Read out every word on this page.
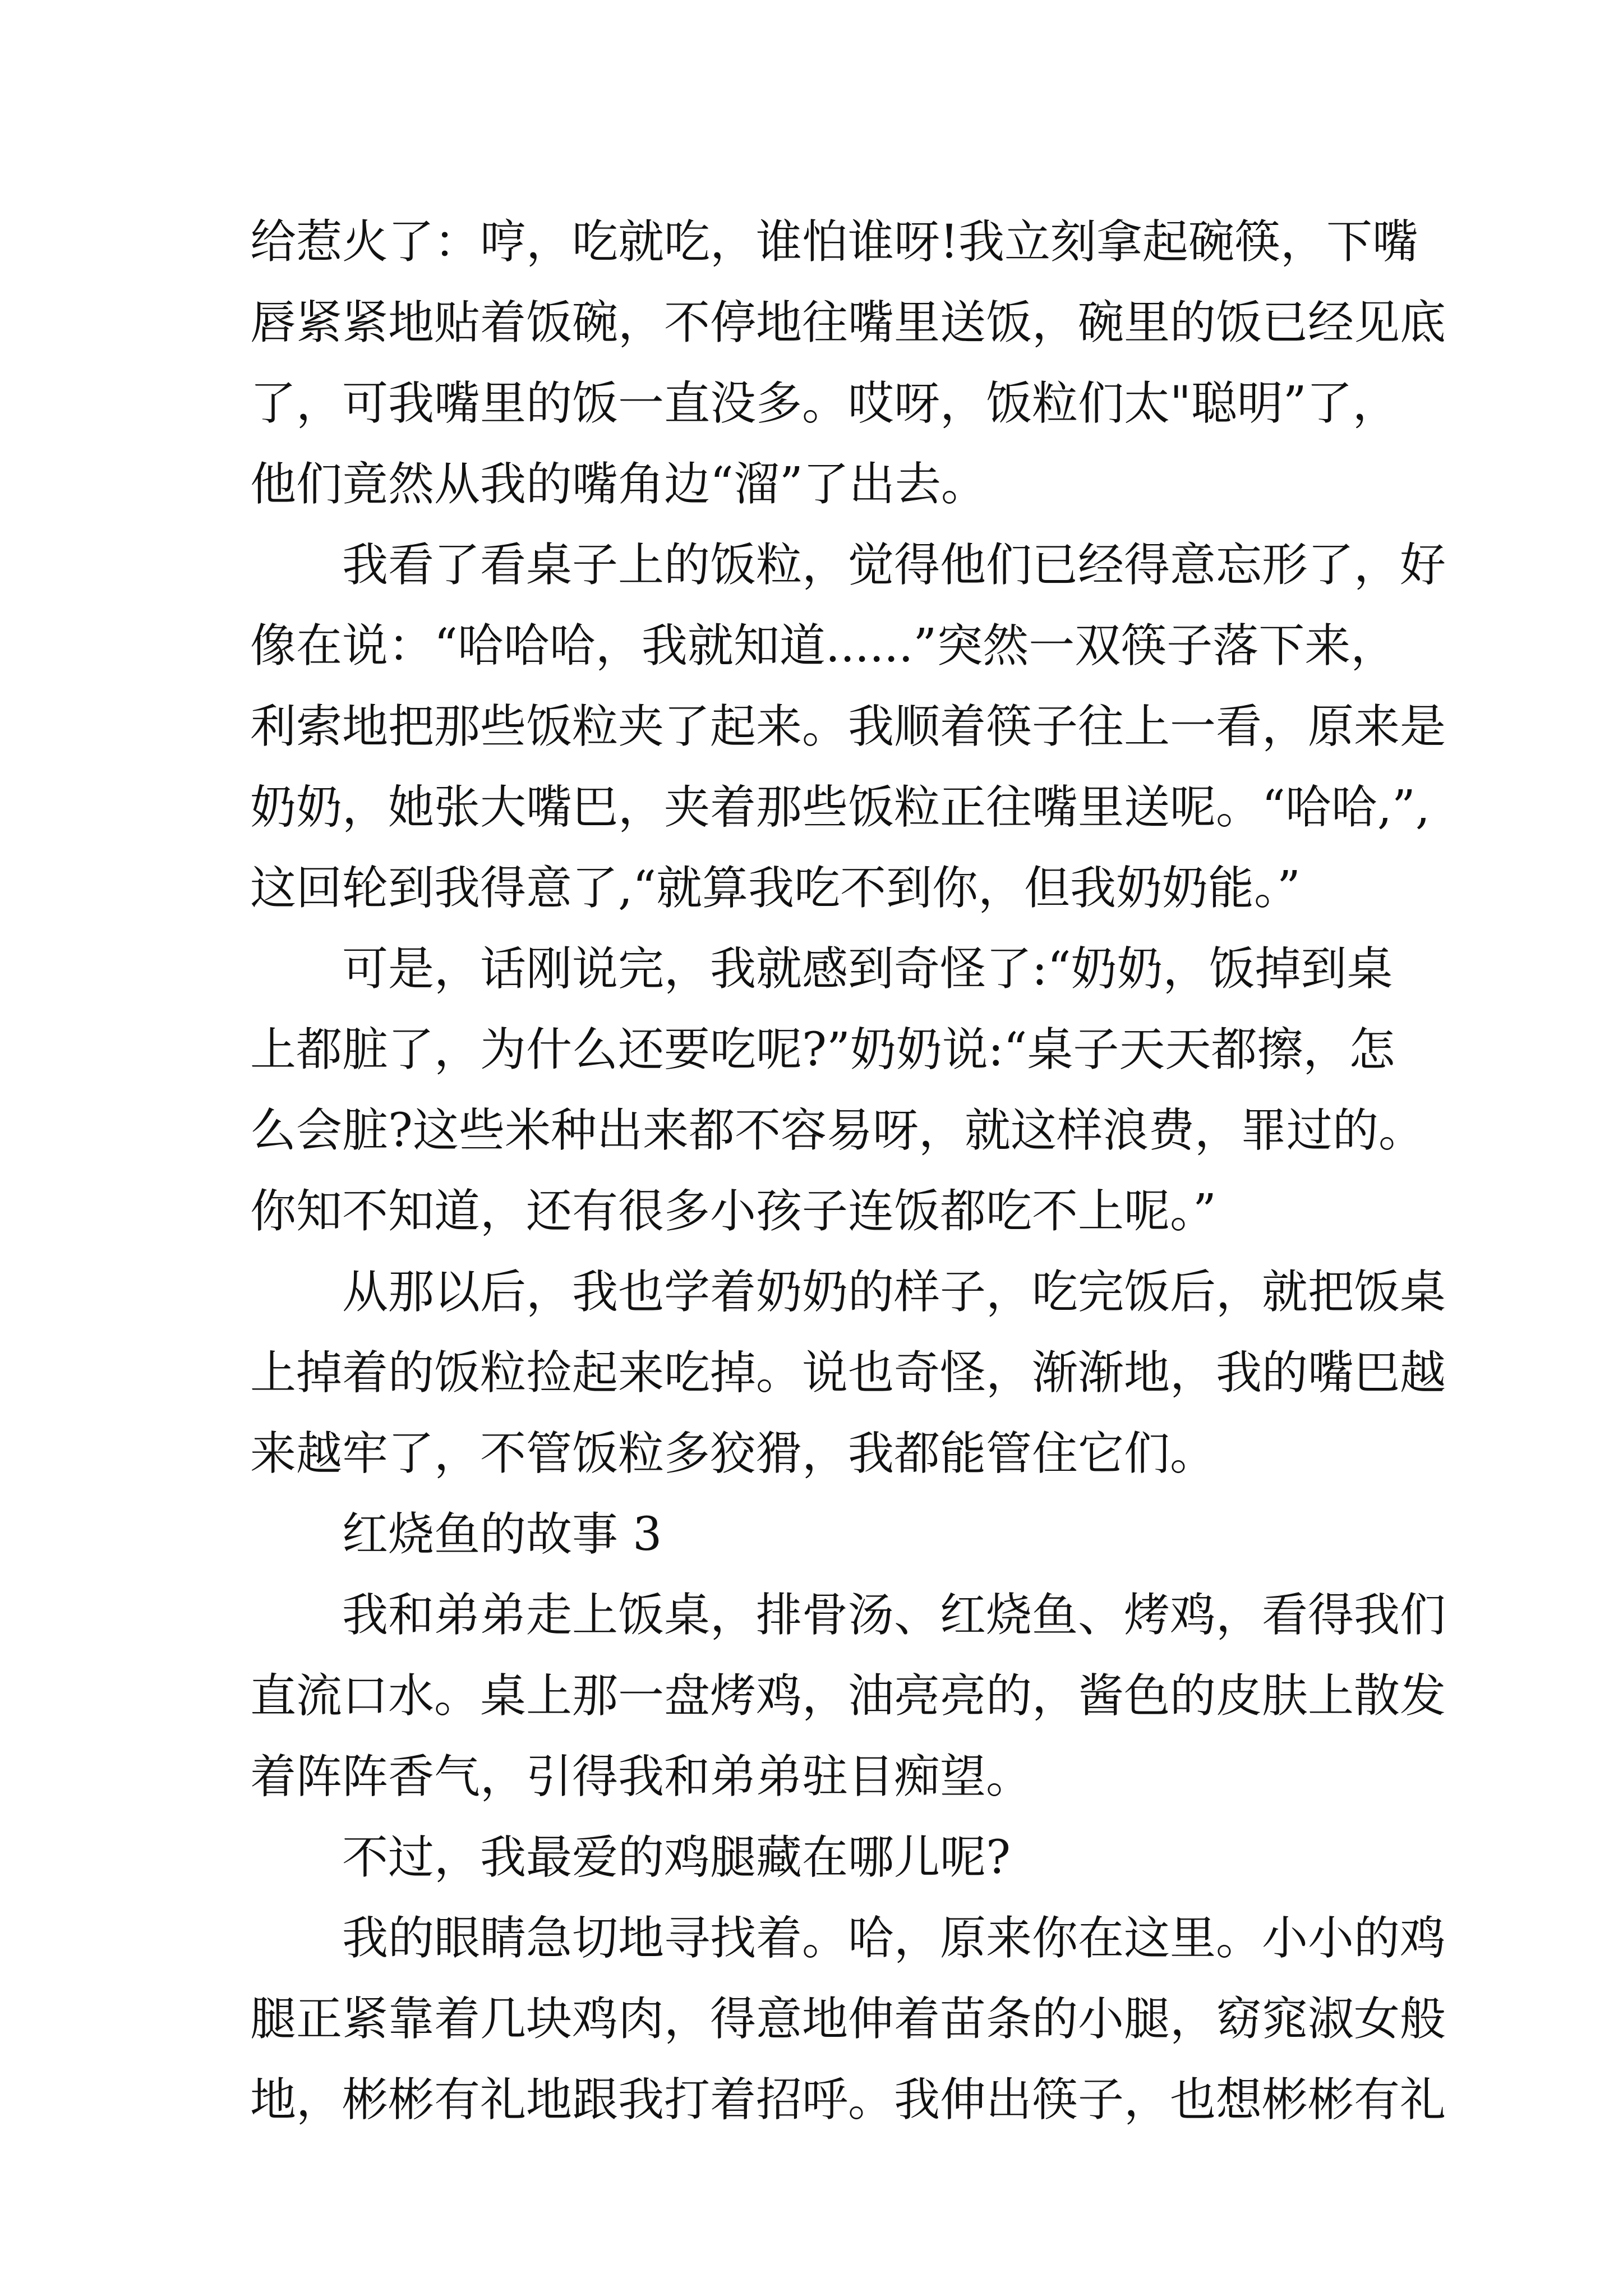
给惹火了：哼，吃就吃，谁怕谁呀!我立刻拿起碗筷，下嘴
唇紧紧地贴着饭碗，不停地往嘴里送饭，碗里的饭已经见底
了，可我嘴里的饭一直没多。哎呀，饭粒们太"聪明”了，
他们竟然从我的嘴角边“溜”了出去。

我看了看桌子上的饭粒，觉得他们已经得意忘形了，好
像在说：“哈哈哈，我就知道......”突然一双筷子落下来，
利索地把那些饭粒夹了起来。我顺着筷子往上一看，原来是
奶奶，她张大嘴巴，夹着那些饭粒正往嘴里送呢。“哈哈,”,
这回轮到我得意了,“就算我吃不到你，但我奶奶能。”

可是，话刚说完，我就感到奇怪了:“奶奶，饭掉到桌
上都脏了，为什么还要吃呢?”奶奶说:“桌子天天都擦，怎
么会脏?这些米种出来都不容易呀，就这样浪费，罪过的。
你知不知道，还有很多小孩子连饭都吃不上呢。”

从那以后，我也学着奶奶的样子，吃完饭后，就把饭桌
上掉着的饭粒捡起来吃掉。说也奇怪，渐渐地，我的嘴巴越
来越牢了，不管饭粒多狡猾，我都能管住它们。

红烧鱼的故事 3

我和弟弟走上饭桌，排骨汤、红烧鱼、烤鸡，看得我们
直流口水。桌上那一盘烤鸡，油亮亮的，酱色的皮肤上散发
着阵阵香气，引得我和弟弟驻目痴望。

不过，我最爱的鸡腿藏在哪儿呢?

我的眼睛急切地寻找着。哈，原来你在这里。小小的鸡
腿正紧靠着几块鸡肉，得意地伸着苗条的小腿，窈窕淑女般
地，彬彬有礼地跟我打着招呼。我伸出筷子，也想彬彬有礼
